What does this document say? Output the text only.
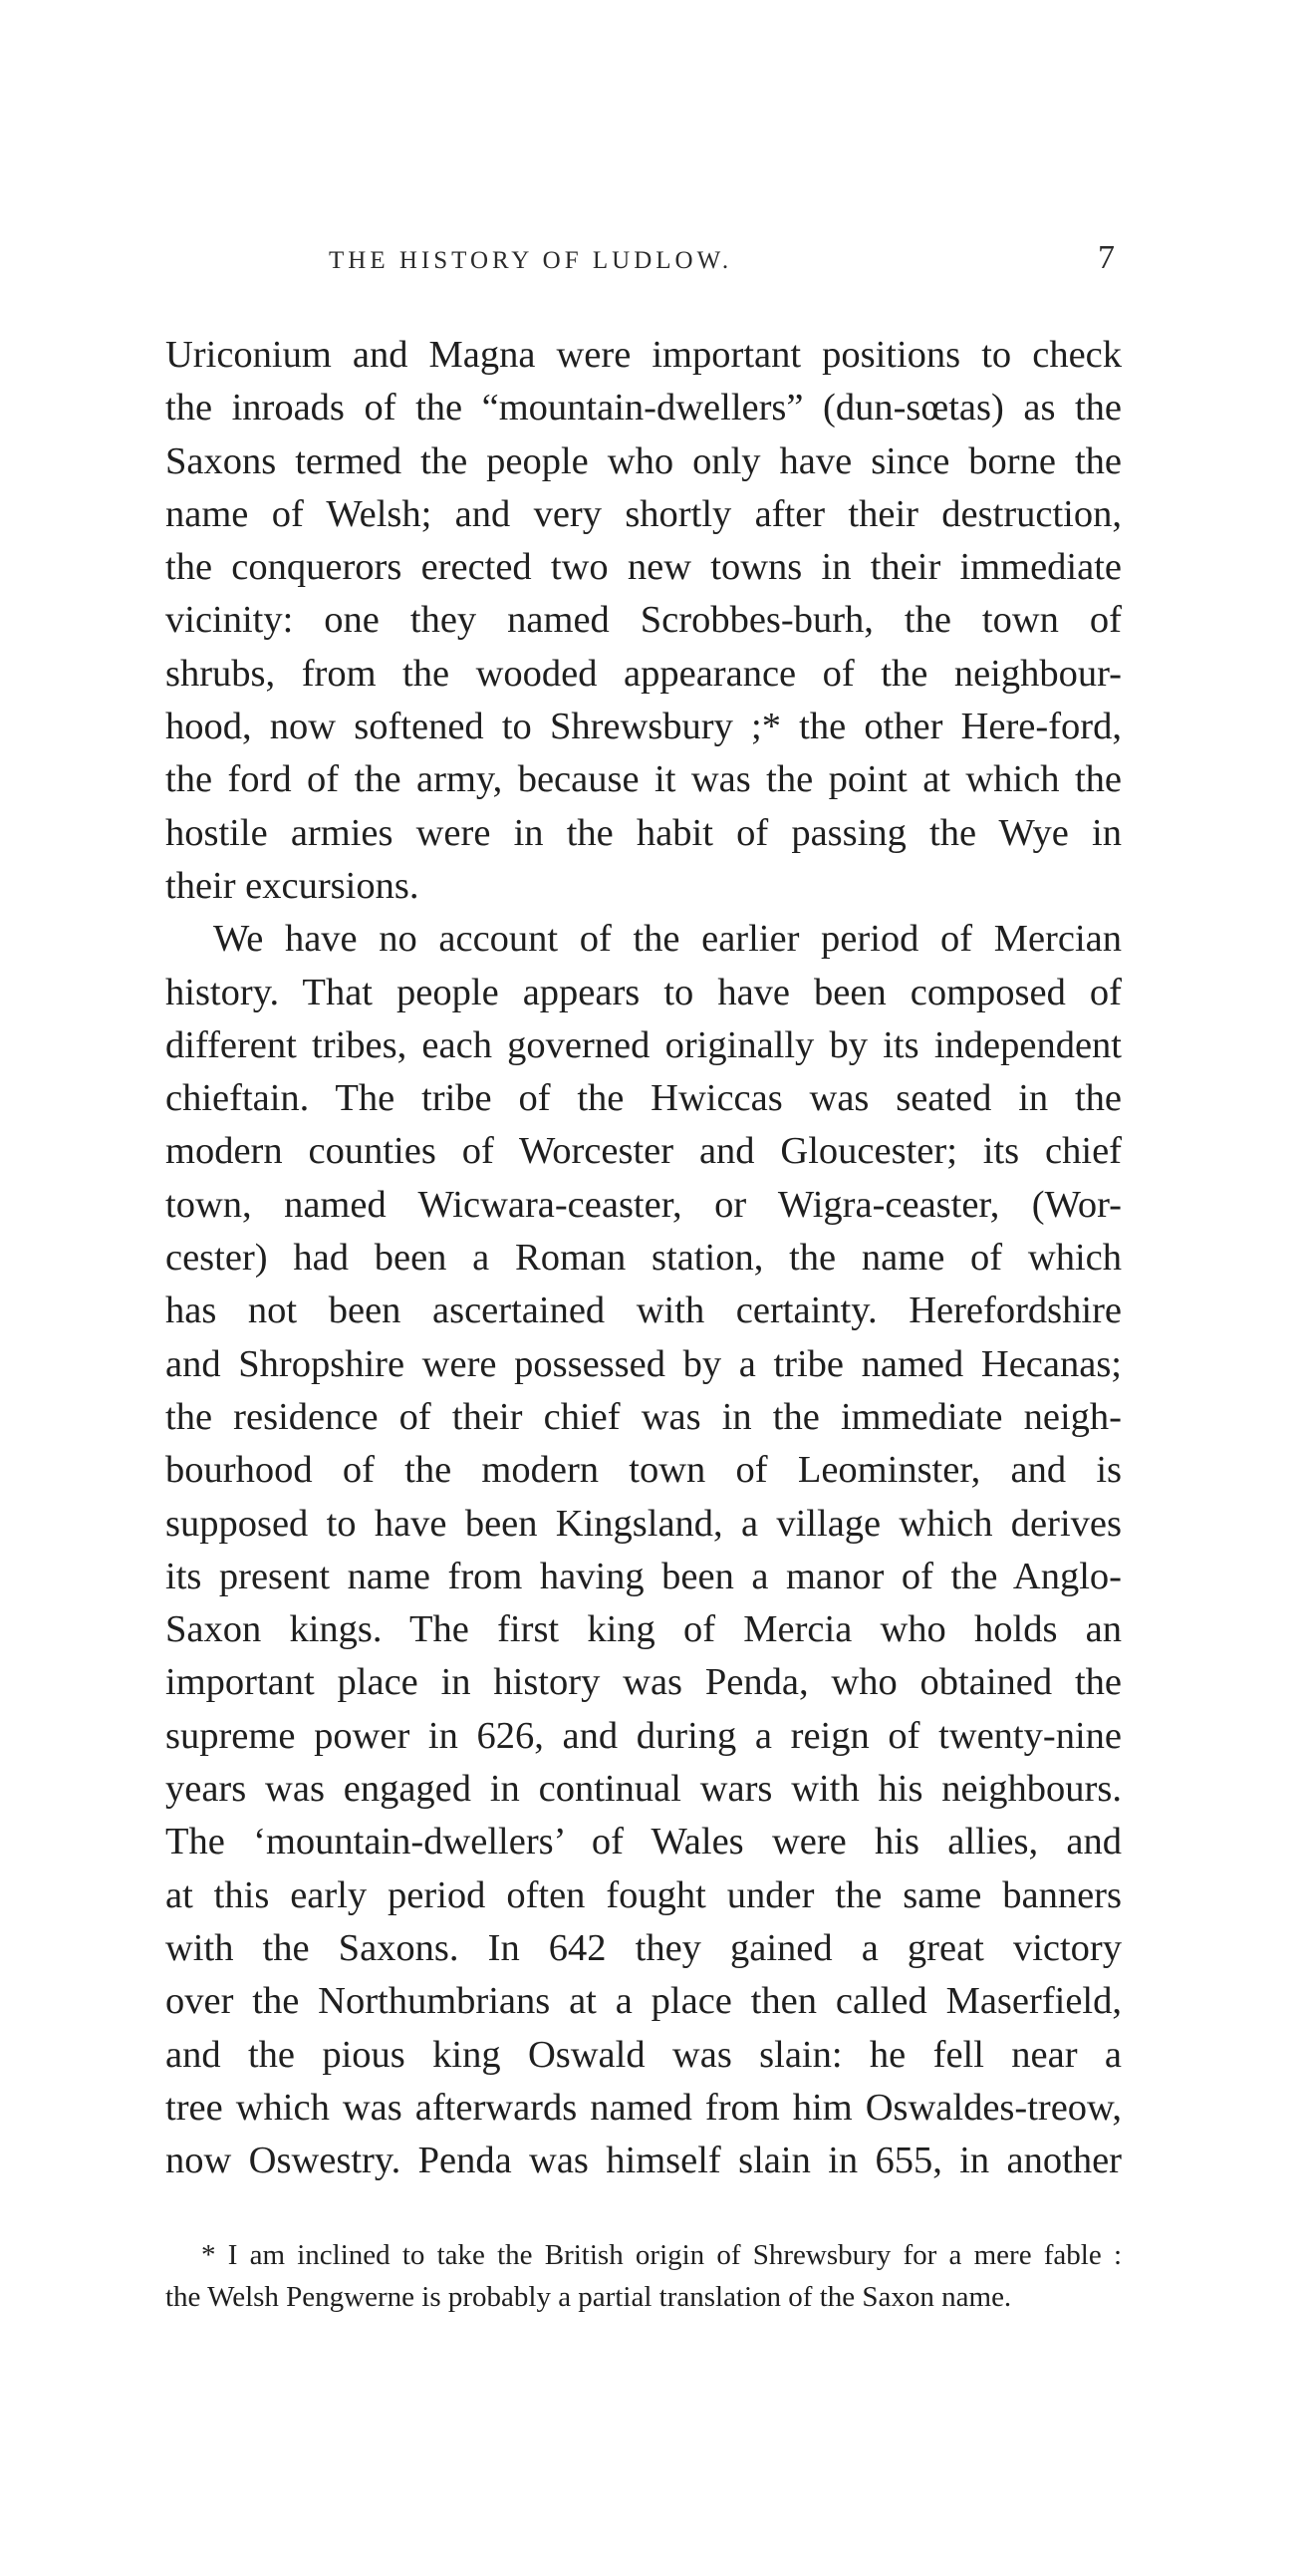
THE HISTORY OF LUDLOW.	7
Uriconium and Magna were important positions to check
the inroads of the “mountain-dwellers” (dun-sœtas) as the
Saxons termed the people who only have since borne the
name of Welsh; and very shortly after their destruction,
the conquerors erected two new towns in their immediate
vicinity: one they named Scrobbes-burh, the town of
shrubs, from the wooded appearance of the neighbour-
hood, now softened to Shrewsbury ;* the other Here-ford,
the ford of the army, because it was the point at which the
hostile armies were in the habit of passing the Wye in
their excursions.
We have no account of the earlier period of Mercian
history. That people appears to have been composed of
different tribes, each governed originally by its independent
chieftain. The tribe of the Hwiccas was seated in the
modern counties of Worcester and Gloucester; its chief
town, named Wicwara-ceaster, or Wigra-ceaster, (Wor-
cester) had been a Roman station, the name of which
has not been ascertained with certainty. Herefordshire
and Shropshire were possessed by a tribe named Hecanas;
the residence of their chief was in the immediate neigh-
bourhood of the modern town of Leominster, and is
supposed to have been Kingsland, a village which derives
its present name from having been a manor of the Anglo-
Saxon kings. The first king of Mercia who holds an
important place in history was Penda, who obtained the
supreme power in 626, and during a reign of twenty-nine
years was engaged in continual wars with his neighbours.
The ‘mountain-dwellers’ of Wales were his allies, and
at this early period often fought under the same banners
with the Saxons. In 642 they gained a great victory
over the Northumbrians at a place then called Maserfield,
and the pious king Oswald was slain: he fell near a
tree which was afterwards named from him Oswaldes-treow,
now Oswestry. Penda was himself slain in 655, in another
* I am inclined to take the British origin of Shrewsbury for a mere fable :
the Welsh Pengwerne is probably a partial translation of the Saxon name.
